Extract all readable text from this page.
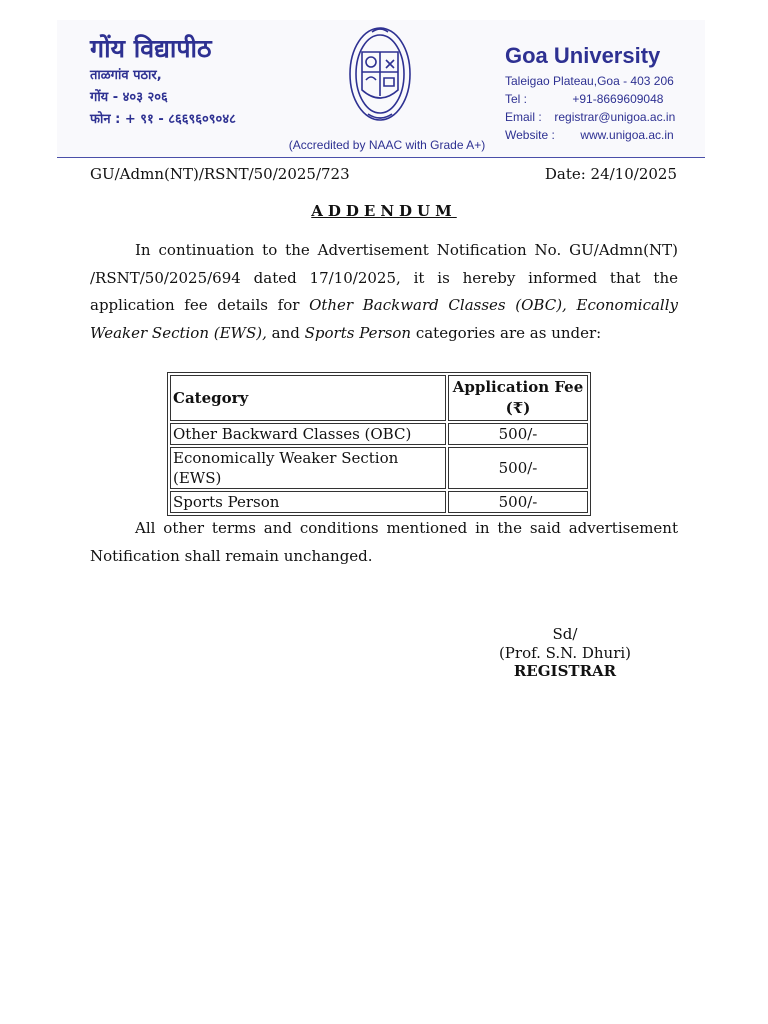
गोंय विद्यापीठ
ताळगांव पठार,
गोंय - ४०३ २०६
फोन : + ९१ - ८६६९६०९०४८
Goa University
Taleigao Plateau,Goa - 403 206
Tel :	+91-8669609048
Email : registrar@unigoa.ac.in
Website : www.unigoa.ac.in
(Accredited by NAAC with Grade A+)
GU/Admn(NT)/RSNT/50/2025/723	Date: 24/10/2025
ADDENDUM
In continuation to the Advertisement Notification No. GU/Admn(NT) /RSNT/50/2025/694 dated 17/10/2025, it is hereby informed that the application fee details for Other Backward Classes (OBC), Economically Weaker Section (EWS), and Sports Person categories are as under:
Category	Application Fee (₹)
Other Backward Classes (OBC)	500/-
Economically Weaker Section (EWS)	500/-
Sports Person	500/-
All other terms and conditions mentioned in the said advertisement Notification shall remain unchanged.
Sd/
(Prof. S.N. Dhuri)
REGISTRAR
